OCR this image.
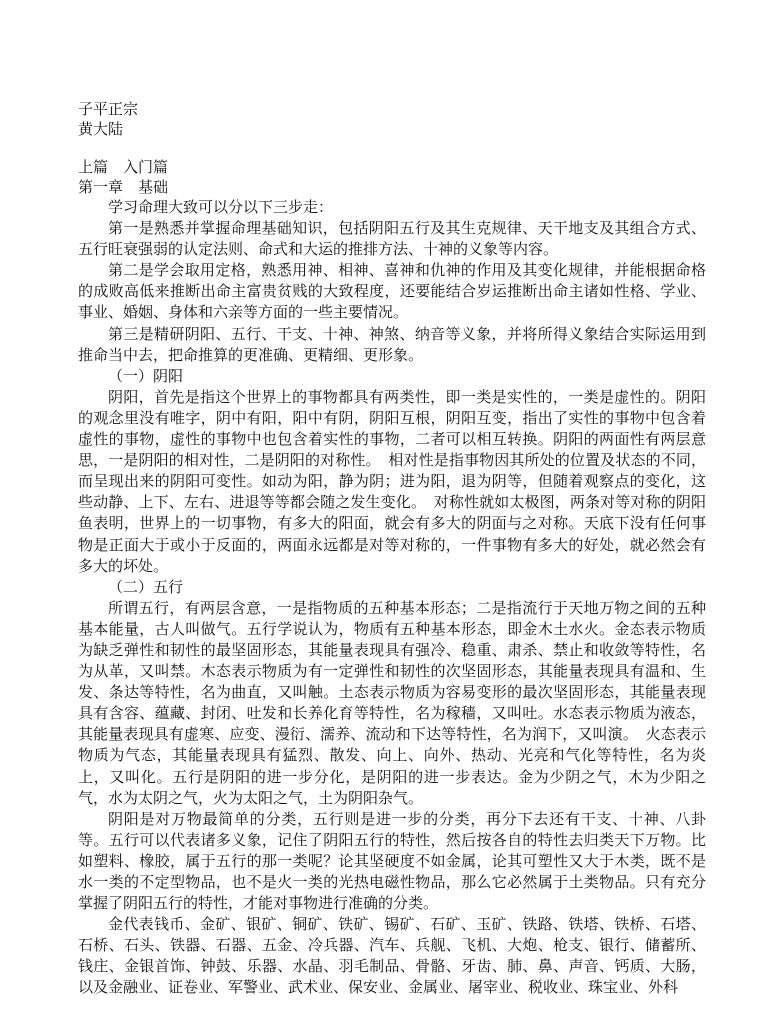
子平正宗
黄大陆
上篇　入门篇
第一章　基础

学习命理大致可以分以下三步走：

第一是熟悉并掌握命理基础知识，包括阴阳五行及其生克规律、天干地支及其组合方式、五行旺衰强弱的认定法则、命式和大运的推排方法、十神的义象等内容。

第二是学会取用定格，熟悉用神、相神、喜神和仇神的作用及其变化规律，并能根据命格的成败高低来推断出命主富贵贫贱的大致程度，还要能结合岁运推断出命主诸如性格、学业、事业、婚姻、身体和六亲等方面的一些主要情况。

第三是精研阴阳、五行、干支、十神、神煞、纳音等义象，并将所得义象结合实际运用到推命当中去，把命推算的更准确、更精细、更形象。

（一）阴阳

阴阳，首先是指这个世界上的事物都具有两类性，即一类是实性的，一类是虚性的。阴阳的观念里没有唯字，阴中有阳，阳中有阴，阴阳互根，阴阳互变，指出了实性的事物中包含着虚性的事物，虚性的事物中也包含着实性的事物，二者可以相互转换。阴阳的两面性有两层意思，一是阴阳的相对性，二是阴阳的对称性。　相对性是指事物因其所处的位置及状态的不同，而呈现出来的阴阳可变性。如动为阳，静为阴；进为阳，退为阴等，但随着观察点的变化，这些动静、上下、左右、进退等等都会随之发生变化。　对称性就如太极图，两条对等对称的阴阳鱼表明，世界上的一切事物，有多大的阳面，就会有多大的阴面与之对称。天底下没有任何事物是正面大于或小于反面的，两面永远都是对等对称的，一件事物有多大的好处，就必然会有多大的坏处。

（二）五行

所谓五行，有两层含意，一是指物质的五种基本形态；二是指流行于天地万物之间的五种基本能量，古人叫做气。五行学说认为，物质有五种基本形态，即金木土水火。金态表示物质为缺乏弹性和韧性的最坚固形态，其能量表现具有强冷、稳重、肃杀、禁止和收敛等特性，名为从革，又叫禁。木态表示物质为有一定弹性和韧性的次坚固形态，其能量表现具有温和、生发、条达等特性，名为曲直，又叫触。土态表示物质为容易变形的最次坚固形态，其能量表现具有含容、蕴藏、封闭、吐发和长养化育等特性，名为稼穑，又叫吐。水态表示物质为液态，其能量表现具有虚寒、应变、漫衍、濡养、流动和下达等特性，名为润下，又叫演。　火态表示物质为气态，其能量表现具有猛烈、散发、向上、向外、热动、光亮和气化等特性，名为炎上，又叫化。五行是阴阳的进一步分化，是阴阳的进一步表达。金为少阴之气，木为少阳之气，水为太阴之气，火为太阳之气，土为阴阳杂气。

阴阳是对万物最简单的分类，五行则是进一步的分类，再分下去还有干支、十神、八卦等。五行可以代表诸多义象，记住了阴阳五行的特性，然后按各自的特性去归类天下万物。比如塑料、橡胶，属于五行的那一类呢？论其坚硬度不如金属，论其可塑性又大于木类，既不是水一类的不定型物品，也不是火一类的光热电磁性物品，那么它必然属于土类物品。只有充分掌握了阴阳五行的特性，才能对事物进行准确的分类。

金代表钱币、金矿、银矿、铜矿、铁矿、锡矿、石矿、玉矿、铁路、铁塔、铁桥、石塔、石桥、石头、铁器、石器、五金、冷兵器、汽车、兵舰、飞机、大炮、枪支、银行、储蓄所、钱庄、金银首饰、钟鼓、乐器、水晶、羽毛制品、骨骼、牙齿、肺、鼻、声音、钙质、大肠，以及金融业、证卷业、军警业、武术业、保安业、金属业、屠宰业、税收业、珠宝业、外科
